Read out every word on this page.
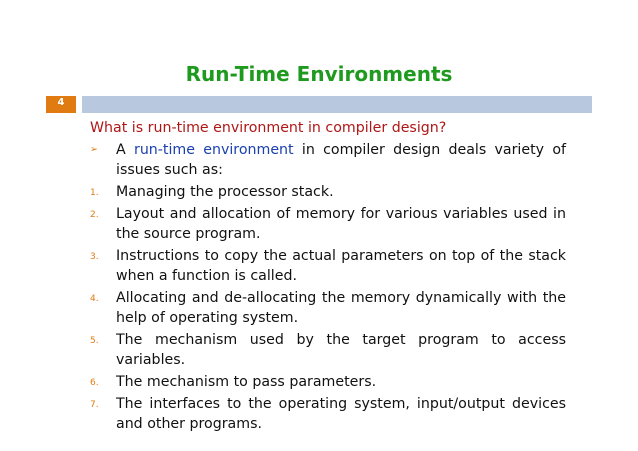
Run-Time Environments
4
What is run-time environment in compiler design?
➢ A run-time environment in compiler design deals variety of issues such as:
1. Managing the processor stack.
2. Layout and allocation of memory for various variables used in the source program.
3. Instructions to copy the actual parameters on top of the stack when a function is called.
4. Allocating and de-allocating the memory dynamically with the help of operating system.
5. The mechanism used by the target program to access variables.
6. The mechanism to pass parameters.
7. The interfaces to the operating system, input/output devices and other programs.
